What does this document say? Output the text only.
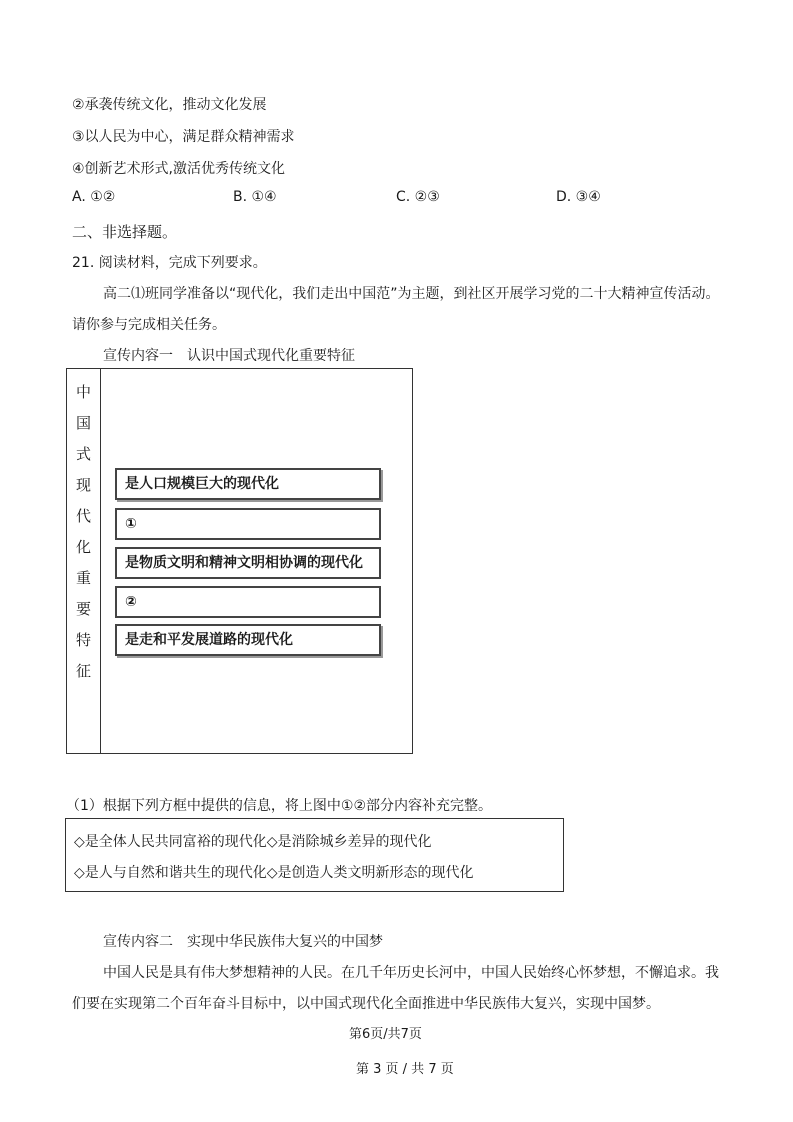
②承袭传统文化，推动文化发展
③以人民为中心，满足群众精神需求
④创新艺术形式,激活优秀传统文化
A. ①②	B. ①④	C. ②③	D. ③④
二、非选择题。
21. 阅读材料，完成下列要求。
高二⑴班同学准备以“现代化，我们走出中国范”为主题，到社区开展学习党的二十大精神宣传活动。
请你参与完成相关任务。
宣传内容一　认识中国式现代化重要特征
中
国
式
现
代
化
重
要
特
征
是人口规模巨大的现代化
①
是物质文明和精神文明相协调的现代化
②
是走和平发展道路的现代化
（1）根据下列方框中提供的信息，将上图中①②部分内容补充完整。
◇是全体人民共同富裕的现代化◇是消除城乡差异的现代化
◇是人与自然和谐共生的现代化◇是创造人类文明新形态的现代化
宣传内容二　实现中华民族伟大复兴的中国梦
中国人民是具有伟大梦想精神的人民。在几千年历史长河中，中国人民始终心怀梦想，不懈追求。我
们要在实现第二个百年奋斗目标中，以中国式现代化全面推进中华民族伟大复兴，实现中国梦。
第6页/共7页
第 3 页 / 共 7 页
